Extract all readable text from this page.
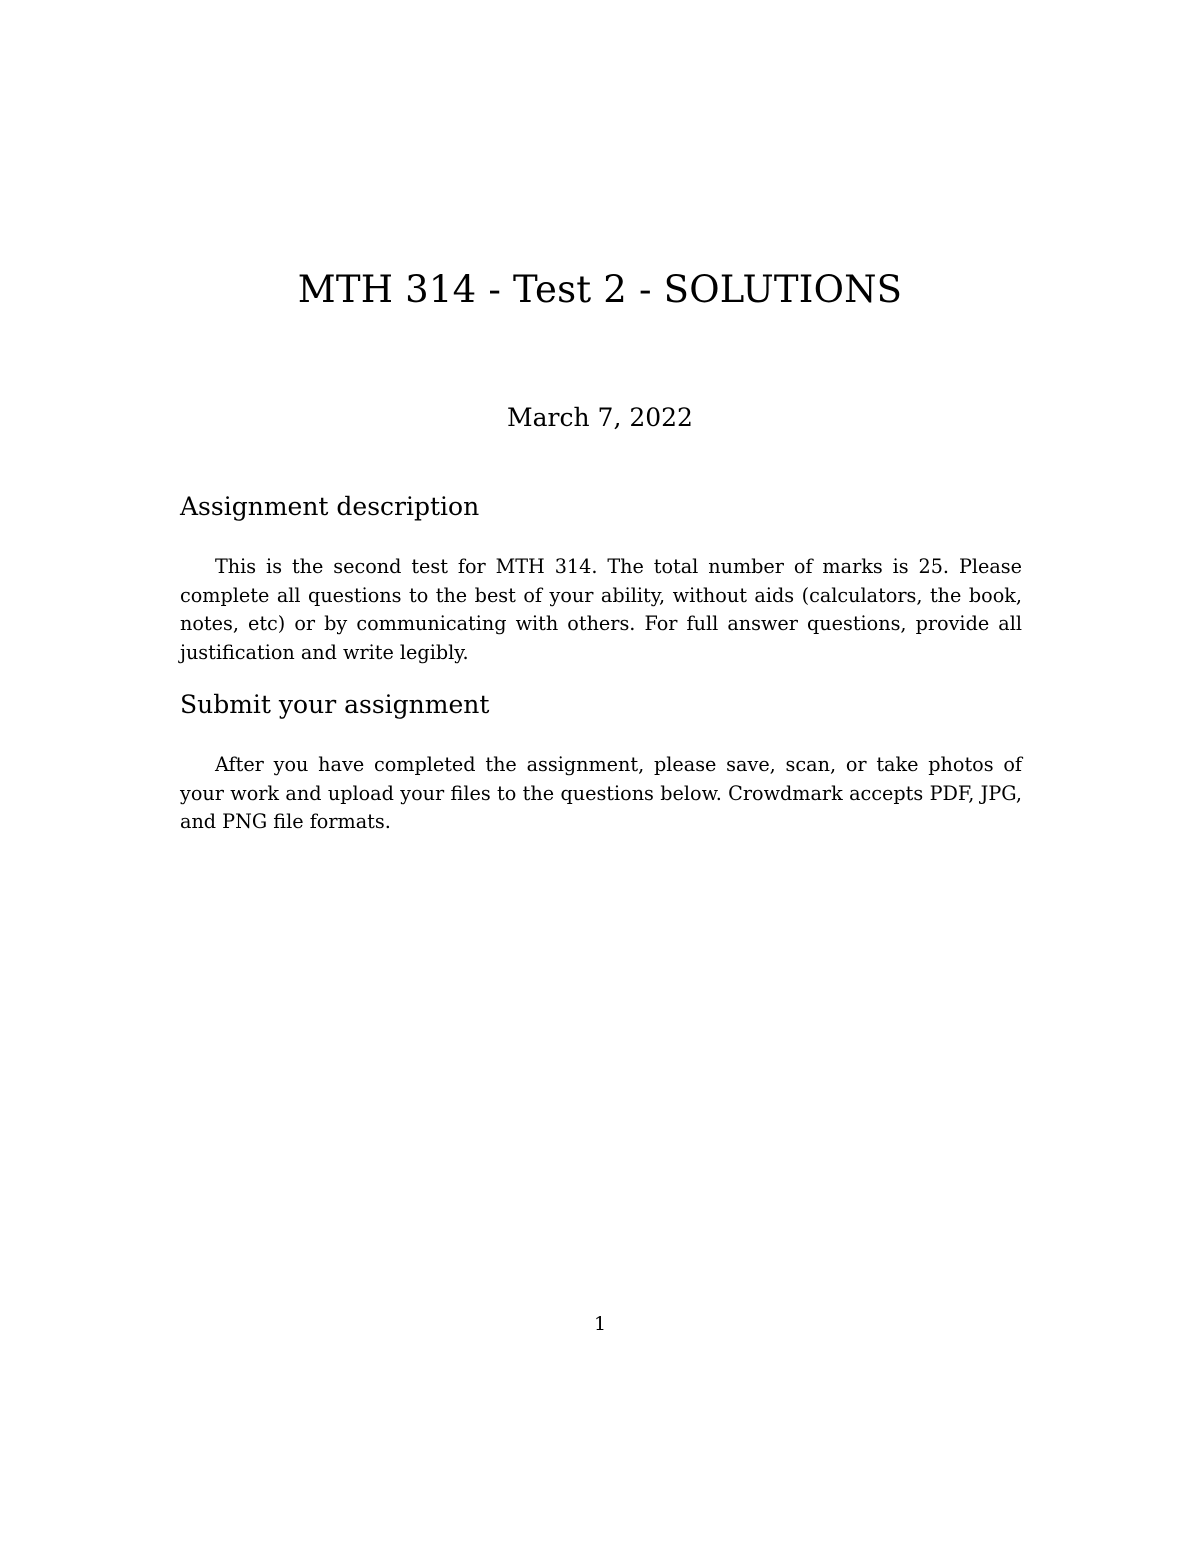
MTH 314 - Test 2 - SOLUTIONS
March 7, 2022
Assignment description

This is the second test for MTH 314. The total number of marks is 25. Please complete all questions to the best of your ability, without aids (calculators, the book, notes, etc) or by communicating with others. For full answer questions, provide all justification and write legibly.

Submit your assignment

After you have completed the assignment, please save, scan, or take photos of your work and upload your files to the questions below. Crowdmark accepts PDF, JPG, and PNG file formats.

1
